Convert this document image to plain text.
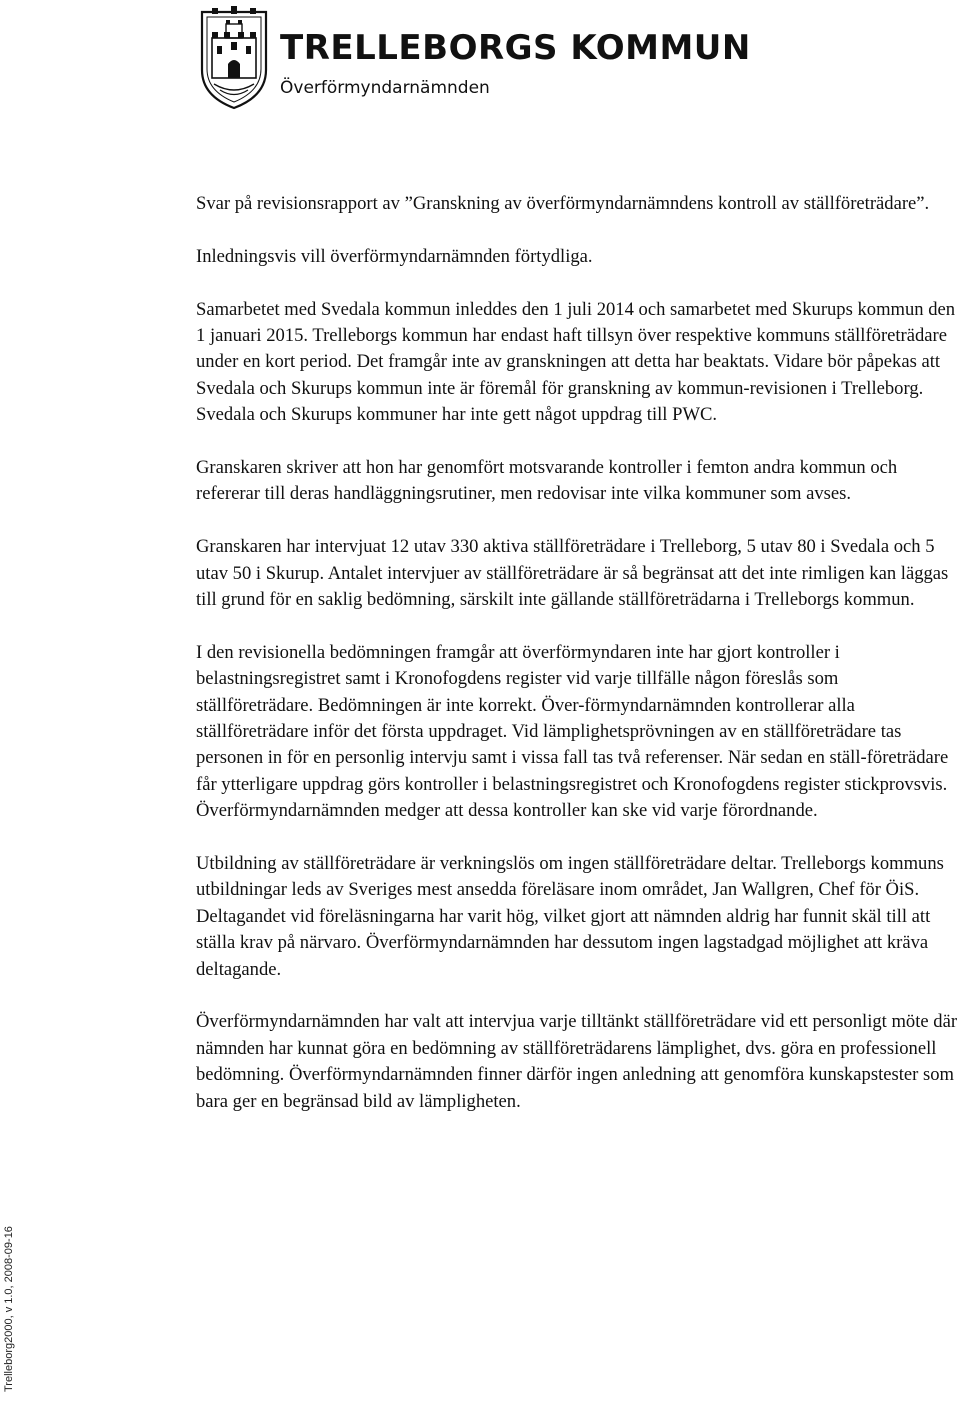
TRELLEBORGS KOMMUN
Överförmyndarnämnden

Svar på revisionsrapport av ”Granskning av överförmyndarnämndens kontroll av ställföreträdare”.

Inledningsvis vill överförmyndarnämnden förtydliga.

Samarbetet med Svedala kommun inleddes den 1 juli 2014 och samarbetet med Skurups kommun den 1 januari 2015. Trelleborgs kommun har endast haft tillsyn över respektive kommuns ställföreträdare under en kort period. Det framgår inte av granskningen att detta har beaktats. Vidare bör påpekas att Svedala och Skurups kommun inte är föremål för granskning av kommun-revisionen i Trelleborg. Svedala och Skurups kommuner har inte gett något uppdrag till PWC.

Granskaren skriver att hon har genomfört motsvarande kontroller i femton andra kommun och refererar till deras handläggningsrutiner, men redovisar inte vilka kommuner som avses.

Granskaren har intervjuat 12 utav 330 aktiva ställföreträdare i Trelleborg, 5 utav 80 i Svedala och 5 utav 50 i Skurup. Antalet intervjuer av ställföreträdare är så begränsat att det inte rimligen kan läggas till grund för en saklig bedömning, särskilt inte gällande ställföreträdarna i Trelleborgs kommun.

I den revisionella bedömningen framgår att överförmyndaren inte har gjort kontroller i belastningsregistret samt i Kronofogdens register vid varje tillfälle någon föreslås som ställföreträdare. Bedömningen är inte korrekt. Över-förmyndarnämnden kontrollerar alla ställföreträdare inför det första uppdraget. Vid lämplighetsprövningen av en ställföreträdare tas personen in för en personlig intervju samt i vissa fall tas två referenser. När sedan en ställ-företrädare får ytterligare uppdrag görs kontroller i belastningsregistret och Kronofogdens register stickprovsvis. Överförmyndarnämnden medger att dessa kontroller kan ske vid varje förordnande.

Utbildning av ställföreträdare är verkningslös om ingen ställföreträdare deltar. Trelleborgs kommuns utbildningar leds av Sveriges mest ansedda föreläsare inom området, Jan Wallgren, Chef för ÖiS. Deltagandet vid föreläsningarna har varit hög, vilket gjort att nämnden aldrig har funnit skäl till att ställa krav på närvaro. Överförmyndarnämnden har dessutom ingen lagstadgad möjlighet att kräva deltagande.

Överförmyndarnämnden har valt att intervjua varje tilltänkt ställföreträdare vid ett personligt möte där nämnden har kunnat göra en bedömning av ställföreträdarens lämplighet, dvs. göra en professionell bedömning. Överförmyndarnämnden finner därför ingen anledning att genomföra kunskapstester som bara ger en begränsad bild av lämpligheten.

Trelleborg2000, v 1.0, 2008-09-16
